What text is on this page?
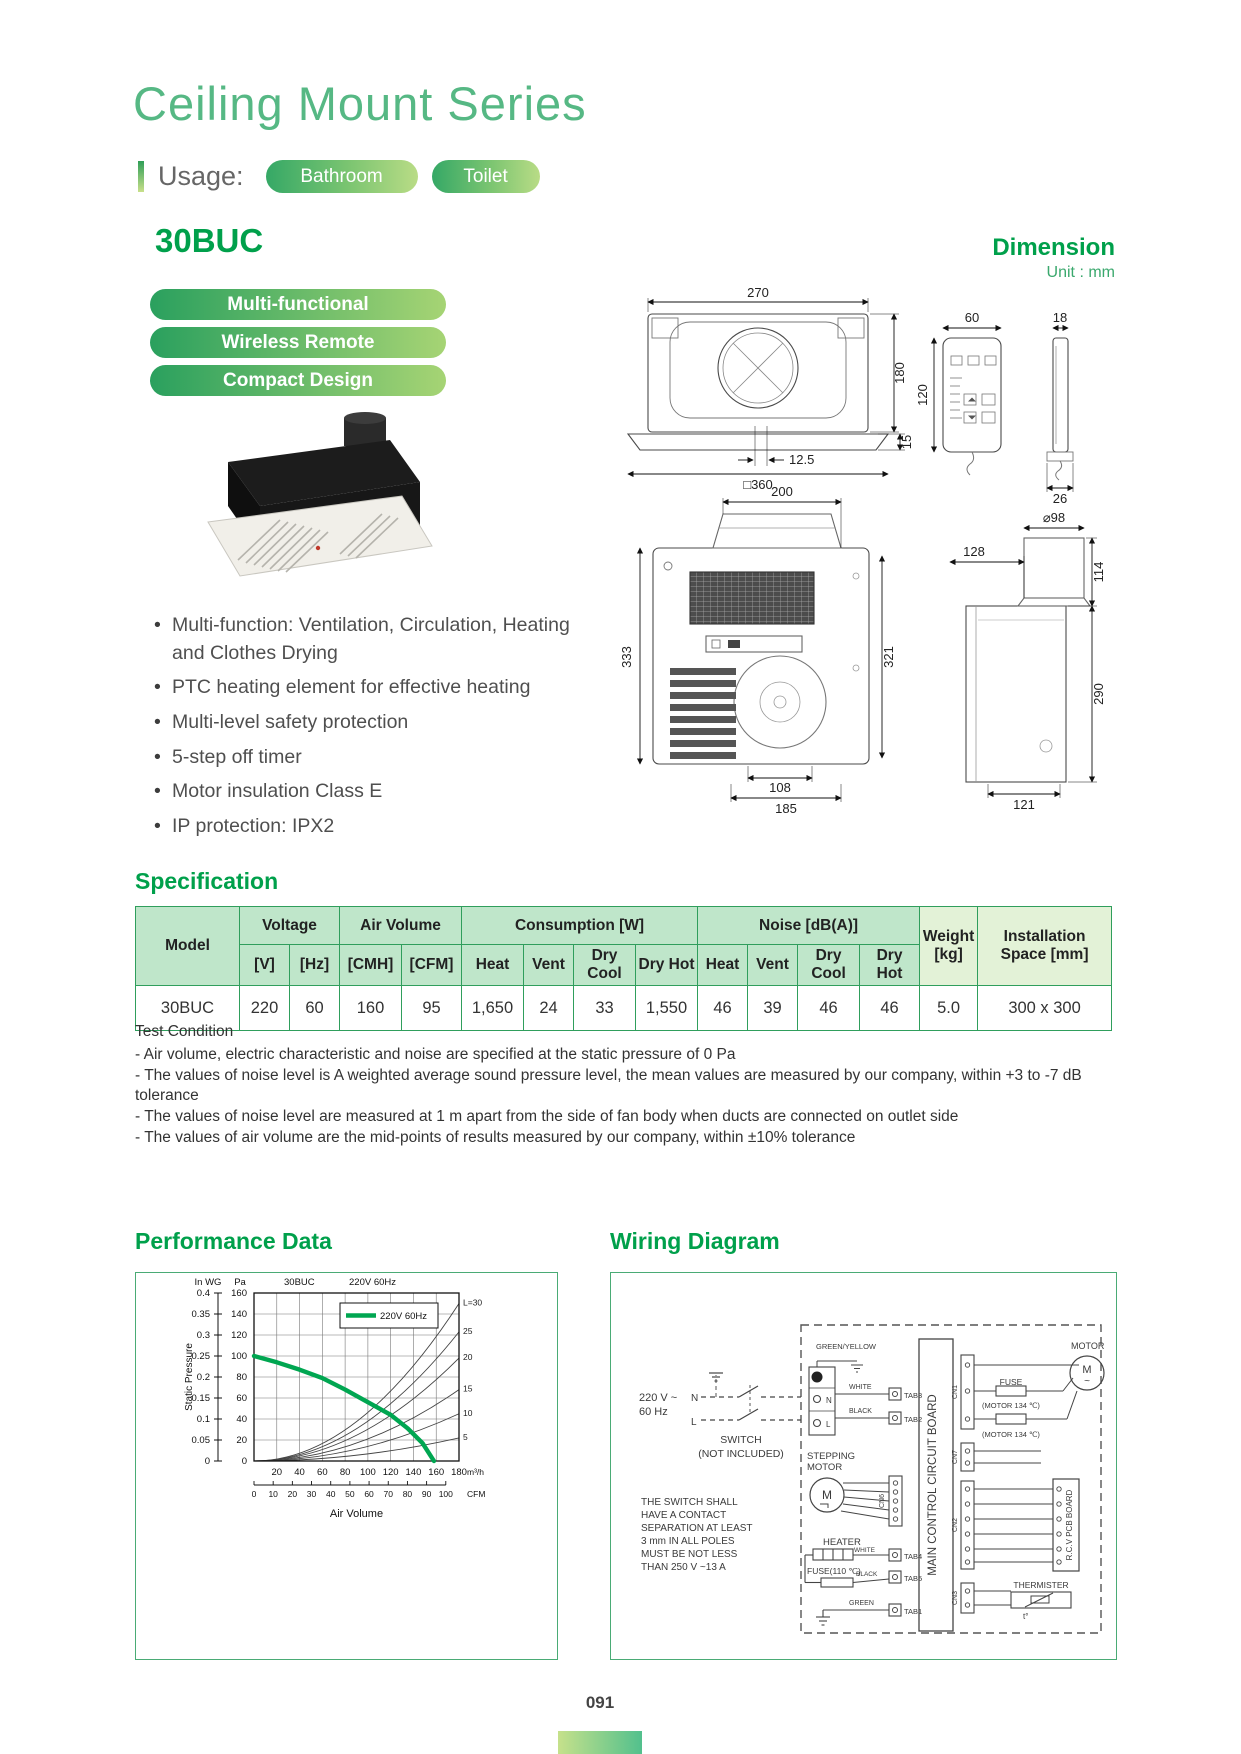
Ceiling Mount Series
Usage:	Bathroom	Toilet
30BUC	Dimension
Unit : mm
Multi-functional
Wireless Remote
Compact Design
• Multi-function: Ventilation, Circulation, Heating and Clothes Drying
• PTC heating element for effective heating
• Multi-level safety protection
• 5-step off timer
• Motor insulation Class E
• IP protection: IPX2
270
180
12.5
□360
15
60
120
18
26
200
333	321
108
185
128
⌀98
114
290
121
Specification
Model	Voltage		Air Volume		Consumption [W]				Noise [dB(A)]				Weight [kg]	Installation Space [mm]
	[V]	[Hz]	[CMH]	[CFM]	Heat	Vent	Dry Cool	Dry Hot	Heat	Vent	Dry Cool	Dry Hot		
30BUC	220	60	160	95	1,650	24	33	1,550	46	39	46	46	5.0	300 x 300
Test Condition
- Air volume, electric characteristic and noise are specified at the static pressure of 0 Pa
- The values of noise level is A weighted average sound pressure level, the mean values are measured by our company, within +3 to -7 dB tolerance
- The values of noise level are measured at 1 m apart from the side of fan body when ducts are connected on outlet side
- The values of air volume are the mid-points of results measured by our company, within ±10% tolerance
Performance Data
L=30
25
20
15
10
5
0
0
20
0.05
40
0.1
60
0.15
80
0.2
100
0.25
120
0.3
140
0.35
160
0.4
20 40 60 80 100 120 140 160 180 m³/h
0 10 20 30 40 50 60 70 80 90 100 CFM
Air Volume
Static Pressure
In WG Pa	30BUC	220V 60Hz
220V 60Hz
Wiring Diagram
220 V ~
60 Hz
N
L
SWITCH
(NOT INCLUDED)
THE SWITCH SHALL
HAVE A CONTACT
SEPARATION AT LEAST
3 mm IN ALL POLES
MUST BE NOT LESS
THAN 250 V ~13 A
N
L
GREEN/YELLOW
WHITE
TAB3
BLACK
TAB2
STEPPING
MOTOR
M	CN6
HEATER
WHITE
TAB4
FUSE(110 ℃)
BLACK	TAB5
GREEN
TAB1
MAIN CONTROL CIRCUIT BOARD
CN1
FUSE
(MOTOR 134 ℃)
(MOTOR 134 ℃)
MOTOR
M
~
CN7
CN2	R.C.V PCB BOARD
CN3
THERMISTER
t°
091
